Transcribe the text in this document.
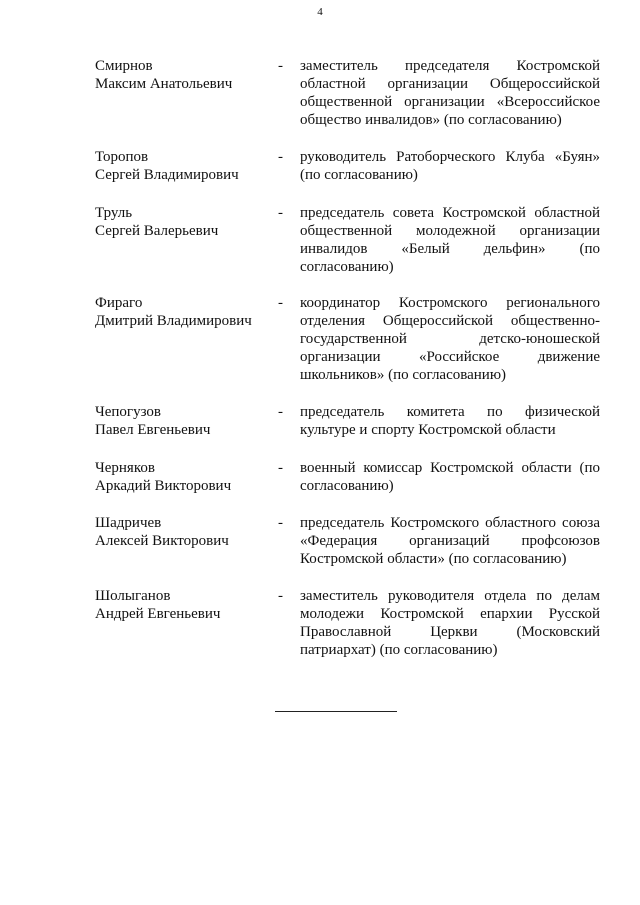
4
Смирнов
Максим Анатольевич
- заместитель председателя Костромской
областной организации Общероссийской
общественной организации «Всероссийское
общество инвалидов» (по согласованию)
Торопов
Сергей Владимирович
- руководитель Ратоборческого Клуба «Буян»
(по согласованию)
Труль
Сергей Валерьевич
- председатель совета Костромской областной
общественной молодежной организации
инвалидов «Белый дельфин» (по
согласованию)
Фираго
Дмитрий Владимирович
- координатор Костромского регионального
отделения Общероссийской общественно-
государственной детско-юношеской
организации «Российское движение
школьников» (по согласованию)
Чепогузов
Павел Евгеньевич
- председатель комитета по физической
культуре и спорту Костромской области
Черняков
Аркадий Викторович
- военный комиссар Костромской области (по
согласованию)
Шадричев
Алексей Викторович
- председатель Костромского областного союза
«Федерация организаций профсоюзов
Костромской области» (по согласованию)
Шолыганов
Андрей Евгеньевич
- заместитель руководителя отдела по делам
молодежи Костромской епархии Русской
Православной Церкви (Московский
патриархат) (по согласованию)
